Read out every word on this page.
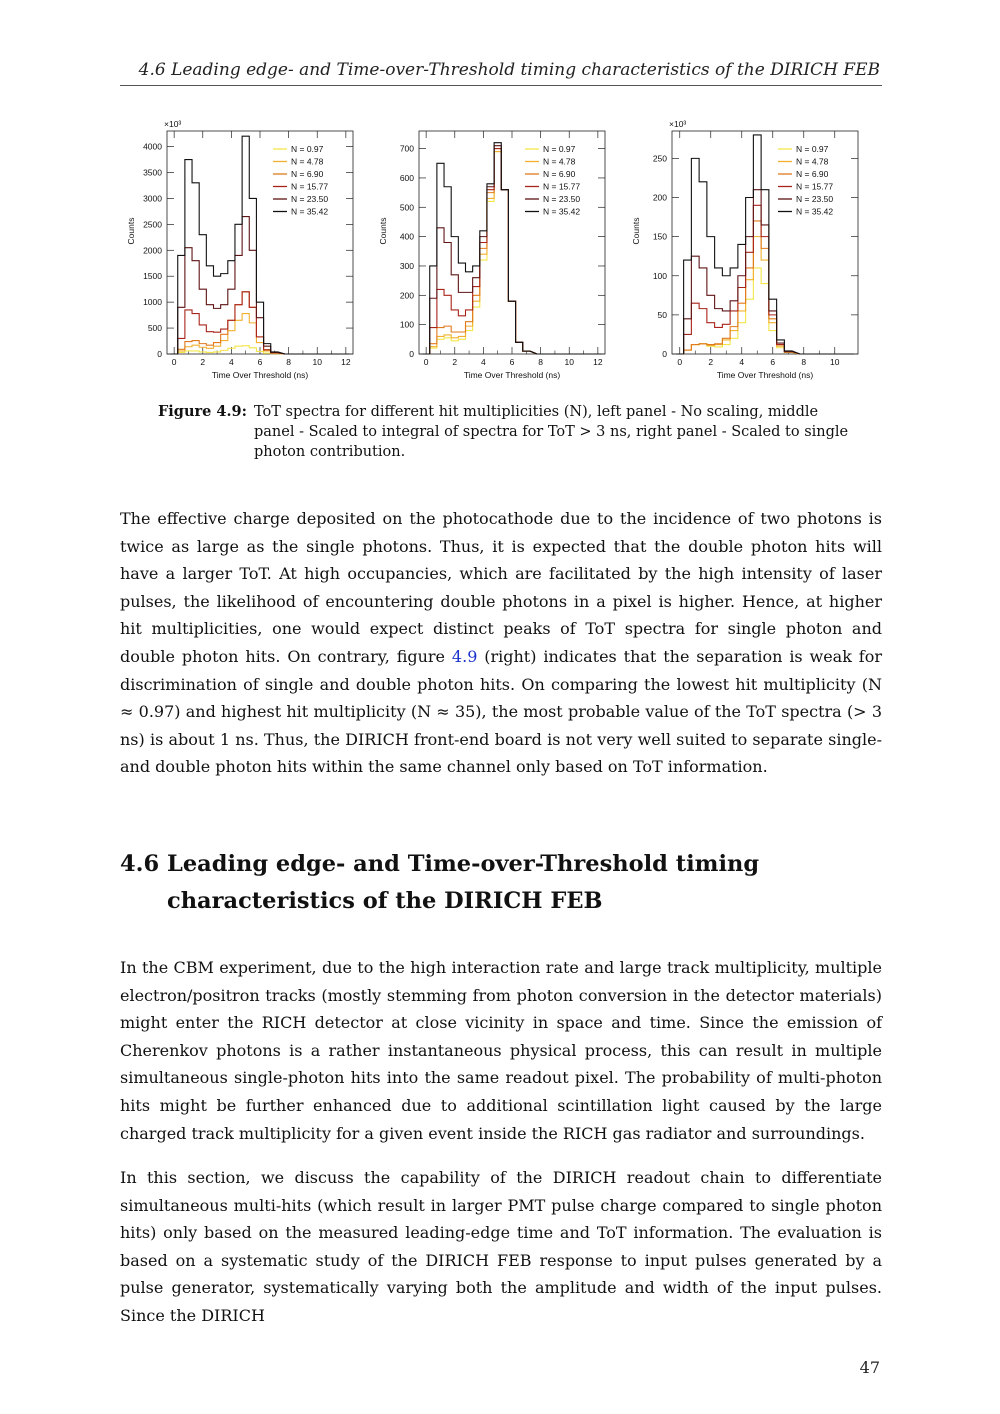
4.6 Leading edge- and Time-over-Threshold timing characteristics of the DIRICH FEB
0	2	4	6	8	10 12
0
500
1000
1500
2000
2500
3000
3500
4000
Time Over Threshold (ns)
Counts
×10³
N = 0.97
N = 4.78
N = 6.90
N = 15.77
N = 23.50
N = 35.42
0	2	4	6	8	10 12
0
100
200
300
400
500
600
700
Time Over Threshold (ns)
Counts
N = 0.97
N = 4.78
N = 6.90
N = 15.77
N = 23.50
N = 35.42
0	2	4	6	8	10
0
50
100
150
200
250
Time Over Threshold (ns)
Counts
×10³
N = 0.97
N = 4.78
N = 6.90
N = 15.77
N = 23.50
N = 35.42
Figure 4.9: ToT spectra for different hit multiplicities (N), left panel - No scaling, middle panel - Scaled to integral of spectra for ToT > 3 ns, right panel - Scaled to single photon contribution.

The effective charge deposited on the photocathode due to the incidence of two photons is twice as large as the single photons. Thus, it is expected that the double photon hits will have a larger ToT. At high occupancies, which are facilitated by the high intensity of laser pulses, the likelihood of encountering double photons in a pixel is higher. Hence, at higher hit multiplicities, one would expect distinct peaks of ToT spectra for single photon and double photon hits. On contrary, figure 4.9 (right) indicates that the separation is weak for discrimination of single and double photon hits. On comparing the lowest hit multiplicity (N ≈ 0.97) and highest hit multiplicity (N ≈ 35), the most probable value of the ToT spectra (> 3 ns) is about 1 ns. Thus, the DIRICH front-end board is not very well suited to separate single- and double photon hits within the same channel only based on ToT information.

4.6 Leading edge- and Time-over-Threshold timing characteristics of the DIRICH FEB

In the CBM experiment, due to the high interaction rate and large track multiplicity, multiple electron/positron tracks (mostly stemming from photon conversion in the detector materials) might enter the RICH detector at close vicinity in space and time. Since the emission of Cherenkov photons is a rather instantaneous physical process, this can result in multiple simultaneous single-photon hits into the same readout pixel. The probability of multi-photon hits might be further enhanced due to additional scintillation light caused by the large charged track multiplicity for a given event inside the RICH gas radiator and surroundings.

In this section, we discuss the capability of the DIRICH readout chain to differentiate simultaneous multi-hits (which result in larger PMT pulse charge compared to single photon hits) only based on the measured leading-edge time and ToT information. The evaluation is based on a systematic study of the DIRICH FEB response to input pulses generated by a pulse generator, systematically varying both the amplitude and width of the input pulses. Since the DIRICH

47
